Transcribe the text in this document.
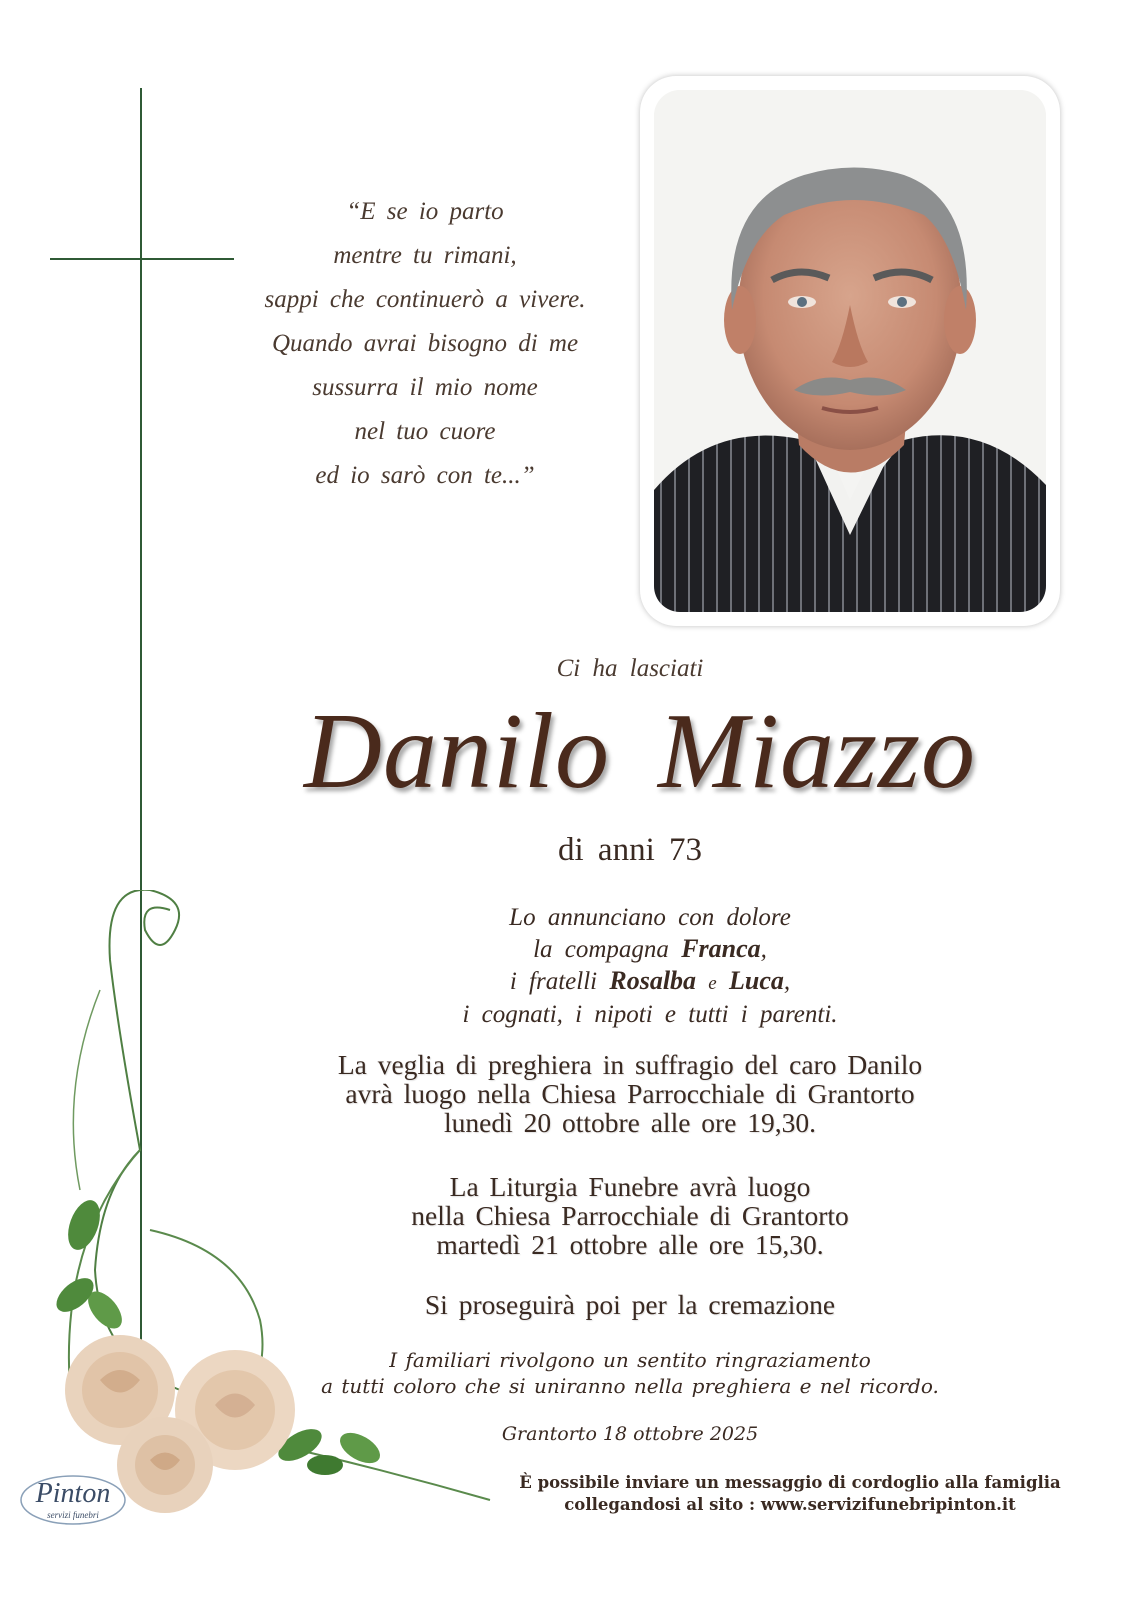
“E se io parto
mentre tu rimani,
sappi che continuerò a vivere.
Quando avrai bisogno di me
sussurra il mio nome
nel tuo cuore
ed io sarò con te...”
Ci ha lasciati
Danilo Miazzo
di anni 73
Lo annunciano con dolore
la compagna Franca,
i fratelli Rosalba e Luca,
i cognati, i nipoti e tutti i parenti.
La veglia di preghiera in suffragio del caro Danilo
avrà luogo nella Chiesa Parrocchiale di Grantorto
lunedì 20 ottobre alle ore 19,30.
La Liturgia Funebre avrà luogo
nella Chiesa Parrocchiale di Grantorto
martedì 21 ottobre alle ore 15,30.
Si proseguirà poi per la cremazione
I familiari rivolgono un sentito ringraziamento
a tutti coloro che si uniranno nella preghiera e nel ricordo.
Grantorto 18 ottobre 2025
È possibile inviare un messaggio di cordoglio alla famiglia
collegandosi al sito : www.servizifunebripinton.it
Pinton
servizi funebri
